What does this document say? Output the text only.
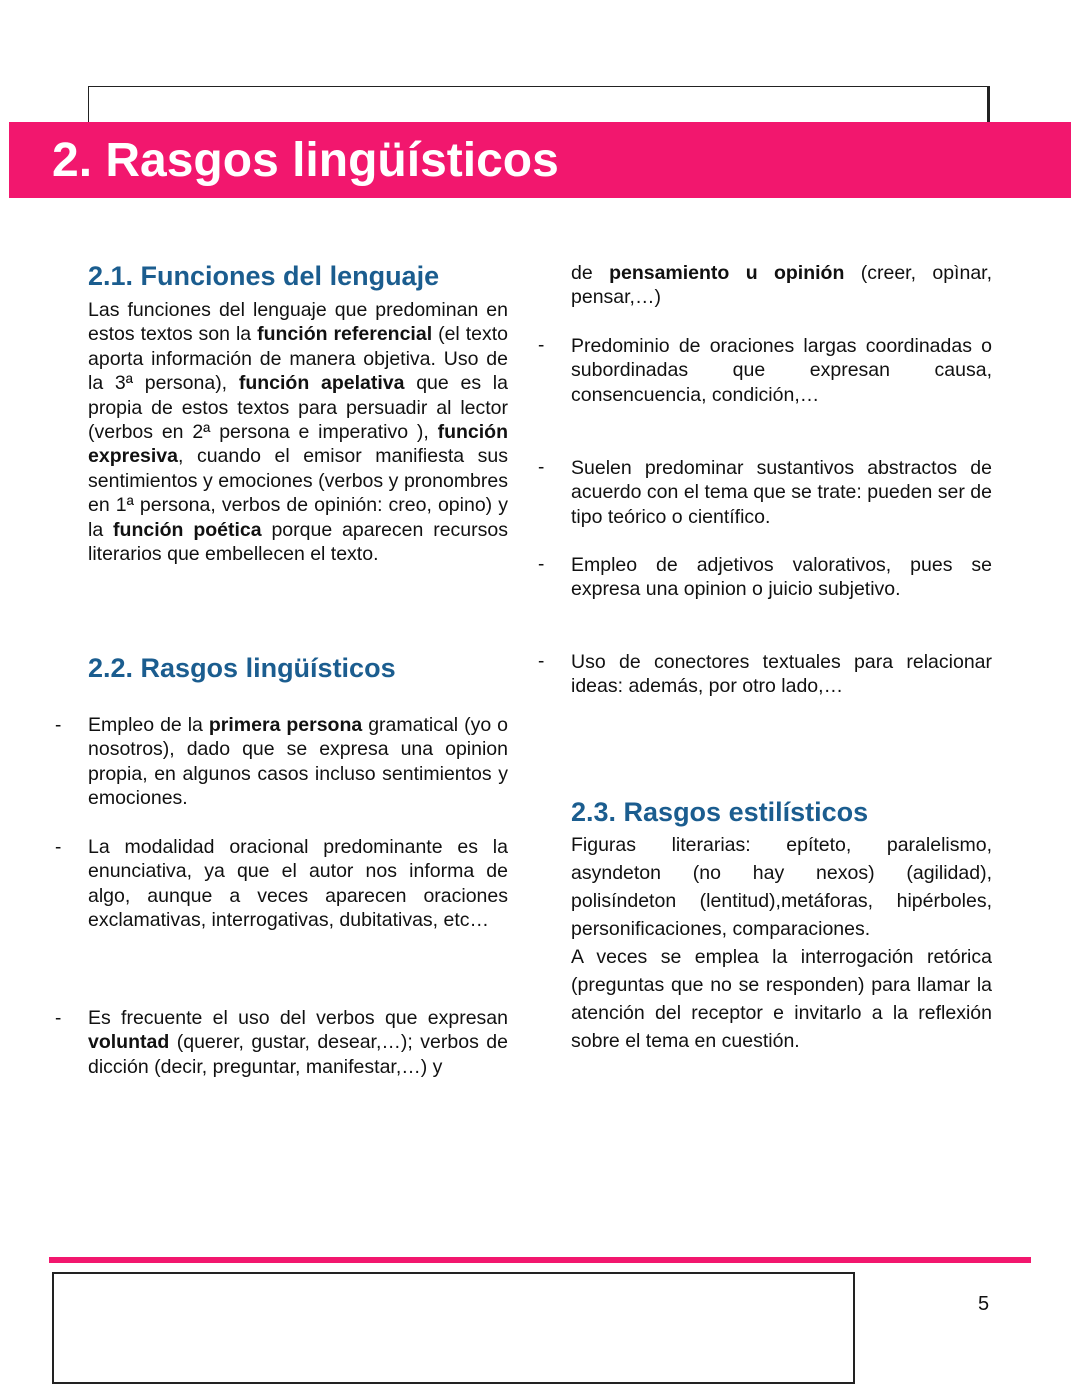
2. Rasgos lingüísticos
2.1. Funciones del lenguaje

Las funciones del lenguaje que predominan en estos textos son la función referencial (el texto aporta información de manera objetiva. Uso de la 3ª persona), función apelativa que es la propia de estos textos para persuadir al lector (verbos en 2ª persona e imperativo ), función expresiva, cuando el emisor manifiesta sus sentimientos y emociones (verbos y pronombres en 1ª persona, verbos de opinión: creo, opino) y la función poética porque aparecen recursos literarios que embellecen el texto.

2.2. Rasgos lingüísticos
- Empleo de la primera persona gramatical (yo o nosotros), dado que se expresa una opinion propia, en algunos casos incluso sentimientos y emociones.

- La modalidad oracional predominante es la enunciativa, ya que el autor nos informa de algo, aunque a veces aparecen oraciones exclamativas, interrogativas, dubitativas, etc…

- Es frecuente el uso del verbos que expresan voluntad (querer, gustar, desear,…); verbos de dicción (decir, preguntar, manifestar,…) y

de pensamiento u opinión (creer, opìnar, pensar,…)

- Predominio de oraciones largas coordinadas o subordinadas que expresan causa, consencuencia, condición,…

- Suelen predominar sustantivos abstractos de acuerdo con el tema que se trate: pueden ser de tipo teórico o científico.

- Empleo de adjetivos valorativos, pues se expresa una opinion o juicio subjetivo.

- Uso de conectores textuales para relacionar ideas: además, por otro lado,…

2.3. Rasgos estilísticos

Figuras literarias: epíteto, paralelismo, asyndeton (no hay nexos) (agilidad), polisíndeton (lentitud),metáforas, hipérboles, personificaciones, comparaciones.

A veces se emplea la interrogación retórica (preguntas que no se responden) para llamar la atención del receptor e invitarlo a la reflexión sobre el tema en cuestión.

5
